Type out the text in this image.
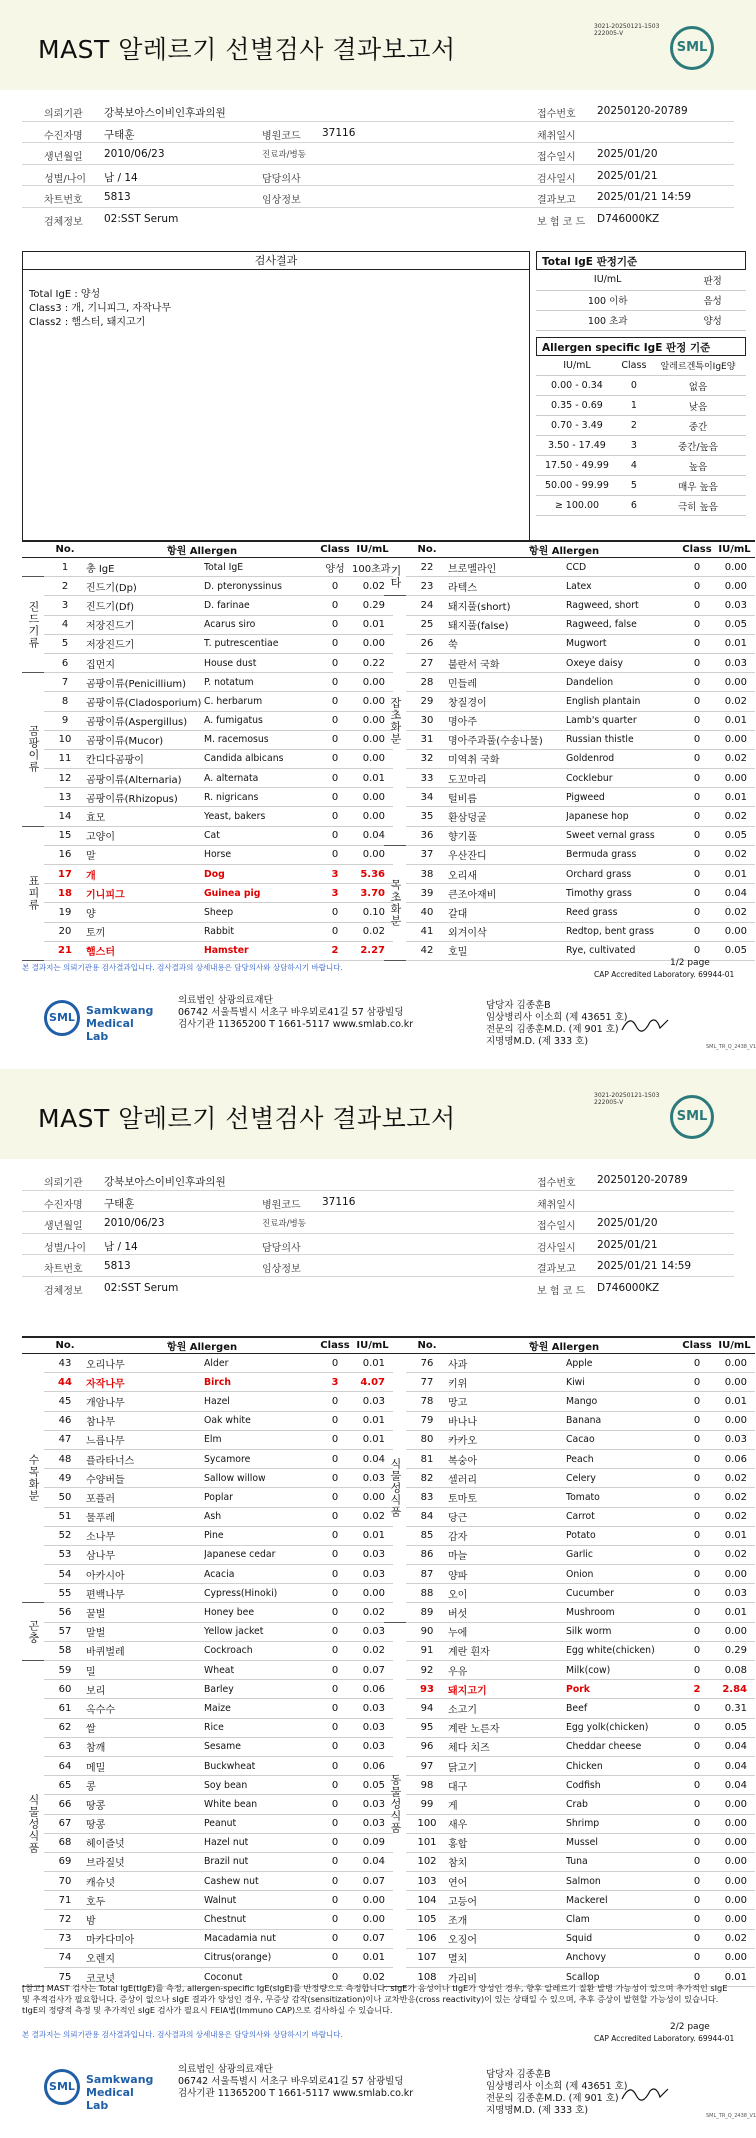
MAST 알레르기 선별검사 결과보고서
3021-20250121-1503
222005-Ⅴ
SML
의뢰기관 강북보아스이비인후과의원	접수번호 20250120-20789
수진자명 구태훈	병원코드 37116	채취일시
생년월일 2010/06/23	진료과/병동	접수일시 2025/01/20
성별/나이 남 / 14	담당의사	검사일시 2025/01/21
차트번호 5813	임상정보	결과보고 2025/01/21 14:59
검체정보 02:SST Serum	보 험 코 드 D746000KZ
검사결과
Total IgE : 양성
Class3 : 개, 기니피그, 자작나무
Class2 : 햄스터, 돼지고기
Total IgE 판정기준
IU/mL	판정
100 이하	음성
100 초과	양성
Allergen specific IgE 판정 기준
IU/mL	Class	알레르겐특이IgE양
0.00 - 0.34	0	없음
0.35 - 0.69	1	낮음
0.70 - 3.49	2	중간
3.50 - 17.49	3	중간/높음
17.50 - 49.99	4	높음
50.00 - 99.99	5	매우 높음
≥ 100.00	6	극히 높음
	No.	항원 Allergen		Class	IU/mL
	1	총 IgE	Total IgE	양성	100초과
진드기류	2	진드기(Dp)	D. pteronyssinus	0	0.02
	3	진드기(Df)	D. farinae	0	0.29
	4	저장진드기	Acarus siro	0	0.01
	5	저장진드기	T. putrescentiae	0	0.00
	6	집먼지	House dust	0	0.22
곰팡이류	7	곰팡이류(Penicillium)	P. notatum	0	0.00
	8	곰팡이류(Cladosporium)	C. herbarum	0	0.00
	9	곰팡이류(Aspergillus)	A. fumigatus	0	0.00
	10	곰팡이류(Mucor)	M. racemosus	0	0.00
	11	칸디다곰팡이	Candida albicans	0	0.00
	12	곰팡이류(Alternaria)	A. alternata	0	0.01
	13	곰팡이류(Rhizopus)	R. nigricans	0	0.00
	14	효모	Yeast, bakers	0	0.00
표피류	15	고양이	Cat	0	0.04
	16	말	Horse	0	0.00
	17	개	Dog	3	5.36
	18	기니피그	Guinea pig	3	3.70
	19	양	Sheep	0	0.10
	20	토끼	Rabbit	0	0.02
	21	햄스터	Hamster	2	2.27
	No.	항원 Allergen		Class	IU/mL
기타	22	브로멜라인	CCD	0	0.00
	23	라텍스	Latex	0	0.00
잡초화분	24	돼지풀(short)	Ragweed, short	0	0.03
	25	돼지풀(false)	Ragweed, false	0	0.05
	26	쑥	Mugwort	0	0.01
	27	불란서 국화	Oxeye daisy	0	0.03
	28	민들레	Dandelion	0	0.00
	29	창질경이	English plantain	0	0.02
	30	명아주	Lamb's quarter	0	0.01
	31	명아주과풀(수송나물)	Russian thistle	0	0.00
	32	미역취 국화	Goldenrod	0	0.02
	33	도꼬마리	Cocklebur	0	0.00
	34	털비름	Pigweed	0	0.01
	35	환삼덩굴	Japanese hop	0	0.02
	36	향기풀	Sweet vernal grass	0	0.05
목초화분	37	우산잔디	Bermuda grass	0	0.02
	38	오리새	Orchard grass	0	0.01
	39	큰조아재비	Timothy grass	0	0.04
	40	갈대	Reed grass	0	0.02
	41	외겨이삭	Redtop, bent grass	0	0.00
	42	호밀	Rye, cultivated	0	0.05
본 결과지는 의뢰기관용 검사결과입니다. 검사결과의 상세내용은 담당의사와 상담하시기 바랍니다.	1/2 page
CAP Accredited Laboratory. 69944-01
SML
Samkwang Medical Lab
의료법인 삼광의료재단
06742 서울특별시 서초구 바우뫼로41길 57 삼광빌딩
검사기관 11365200 T 1661-5117 www.smlab.co.kr
담당자 김종훈B
임상병리사 이소희 (제 43651 호)
전문의 김종훈M.D. (제 901 호)
지명명M.D. (제 333 호)	SML_TR_Q_2438_V1
MAST 알레르기 선별검사 결과보고서
3021-20250121-1503
222005-Ⅴ
SML
의뢰기관 강북보아스이비인후과의원	접수번호 20250120-20789
수진자명 구태훈	병원코드 37116	채취일시
생년월일 2010/06/23	진료과/병동	접수일시 2025/01/20
성별/나이 남 / 14	담당의사	검사일시 2025/01/21
차트번호 5813	임상정보	결과보고 2025/01/21 14:59
검체정보 02:SST Serum	보 험 코 드 D746000KZ
	No.	항원 Allergen		Class	IU/mL
수목화분	43	오리나무	Alder	0	0.01
	44	자작나무	Birch	3	4.07
	45	개암나무	Hazel	0	0.03
	46	참나무	Oak white	0	0.01
	47	느릅나무	Elm	0	0.01
	48	플라타너스	Sycamore	0	0.04
	49	수양버들	Sallow willow	0	0.03
	50	포플러	Poplar	0	0.00
	51	물푸레	Ash	0	0.02
	52	소나무	Pine	0	0.01
	53	삼나무	Japanese cedar	0	0.03
	54	아카시아	Acacia	0	0.03
	55	편백나무	Cypress(Hinoki)	0	0.00
곤충	56	꿀벌	Honey bee	0	0.02
	57	말벌	Yellow jacket	0	0.03
	58	바퀴벌레	Cockroach	0	0.02
식물성식품	59	밀	Wheat	0	0.07
	60	보리	Barley	0	0.06
	61	옥수수	Maize	0	0.03
	62	쌀	Rice	0	0.03
	63	참깨	Sesame	0	0.03
	64	메밀	Buckwheat	0	0.06
	65	콩	Soy bean	0	0.05
	66	땅콩	White bean	0	0.03
	67	땅콩	Peanut	0	0.03
	68	헤이즐넛	Hazel nut	0	0.09
	69	브라질넛	Brazil nut	0	0.04
	70	캐슈넛	Cashew nut	0	0.07
	71	호두	Walnut	0	0.00
	72	밤	Chestnut	0	0.00
	73	마카다미아	Macadamia nut	0	0.07
	74	오렌지	Citrus(orange)	0	0.01
	75	코코넛	Coconut	0	0.02
	No.	항원 Allergen		Class	IU/mL
식물성식품	76	사과	Apple	0	0.00
	77	키위	Kiwi	0	0.00
	78	망고	Mango	0	0.01
	79	바나나	Banana	0	0.00
	80	카카오	Cacao	0	0.03
	81	복숭아	Peach	0	0.06
	82	셀러리	Celery	0	0.02
	83	토마토	Tomato	0	0.02
	84	당근	Carrot	0	0.02
	85	감자	Potato	0	0.01
	86	마늘	Garlic	0	0.02
	87	양파	Onion	0	0.00
	88	오이	Cucumber	0	0.03
	89	버섯	Mushroom	0	0.01
동물성식품	90	누에	Silk worm	0	0.00
	91	계란 흰자	Egg white(chicken)	0	0.29
	92	우유	Milk(cow)	0	0.08
	93	돼지고기	Pork	2	2.84
	94	소고기	Beef	0	0.31
	95	계란 노른자	Egg yolk(chicken)	0	0.05
	96	체다 치즈	Cheddar cheese	0	0.04
	97	닭고기	Chicken	0	0.04
	98	대구	Codfish	0	0.04
	99	게	Crab	0	0.00
	100	새우	Shrimp	0	0.00
	101	홍합	Mussel	0	0.00
	102	참치	Tuna	0	0.00
	103	연어	Salmon	0	0.00
	104	고등어	Mackerel	0	0.00
	105	조개	Clam	0	0.00
	106	오징어	Squid	0	0.02
	107	멸치	Anchovy	0	0.00
	108	가리비	Scallop	0	0.01
본 결과지는 의뢰기관용 검사결과입니다. 검사결과의 상세내용은 담당의사와 상담하시기 바랍니다.
2/2 page
CAP Accredited Laboratory. 69944-01
SML
Samkwang Medical Lab
의료법인 삼광의료재단
06742 서울특별시 서초구 바우뫼로41길 57 삼광빌딩
검사기관 11365200 T 1661-5117 www.smlab.co.kr
담당자 김종훈B
임상병리사 이소희 (제 43651 호)
전문의 김종훈M.D. (제 901 호)
지명명M.D. (제 333 호)	SML_TR_Q_2438_V1
[참고] MAST 검사는 Total IgE(tIgE)를 측정, allergen-specific IgE(sIgE)를 반정량으로 측정합니다. sIgE가 음성이나 tIgE가 양성인 경우, 향후 알레르기 질환 발병 가능성이 있으며 추가적인 sIgE 및 추적검사가 필요합니다. 증상이 없으나 sIgE 결과가 양성인 경우, 무증상 감작(sensitization)이나 교차반응(cross reactivity)이 있는 상태일 수 있으며, 추후 증상이 발현할 가능성이 있습니다. tIgE의 정량적 측정 및 추가적인 sIgE 검사가 필요시 FEIA법(Immuno CAP)으로 검사하실 수 있습니다.
